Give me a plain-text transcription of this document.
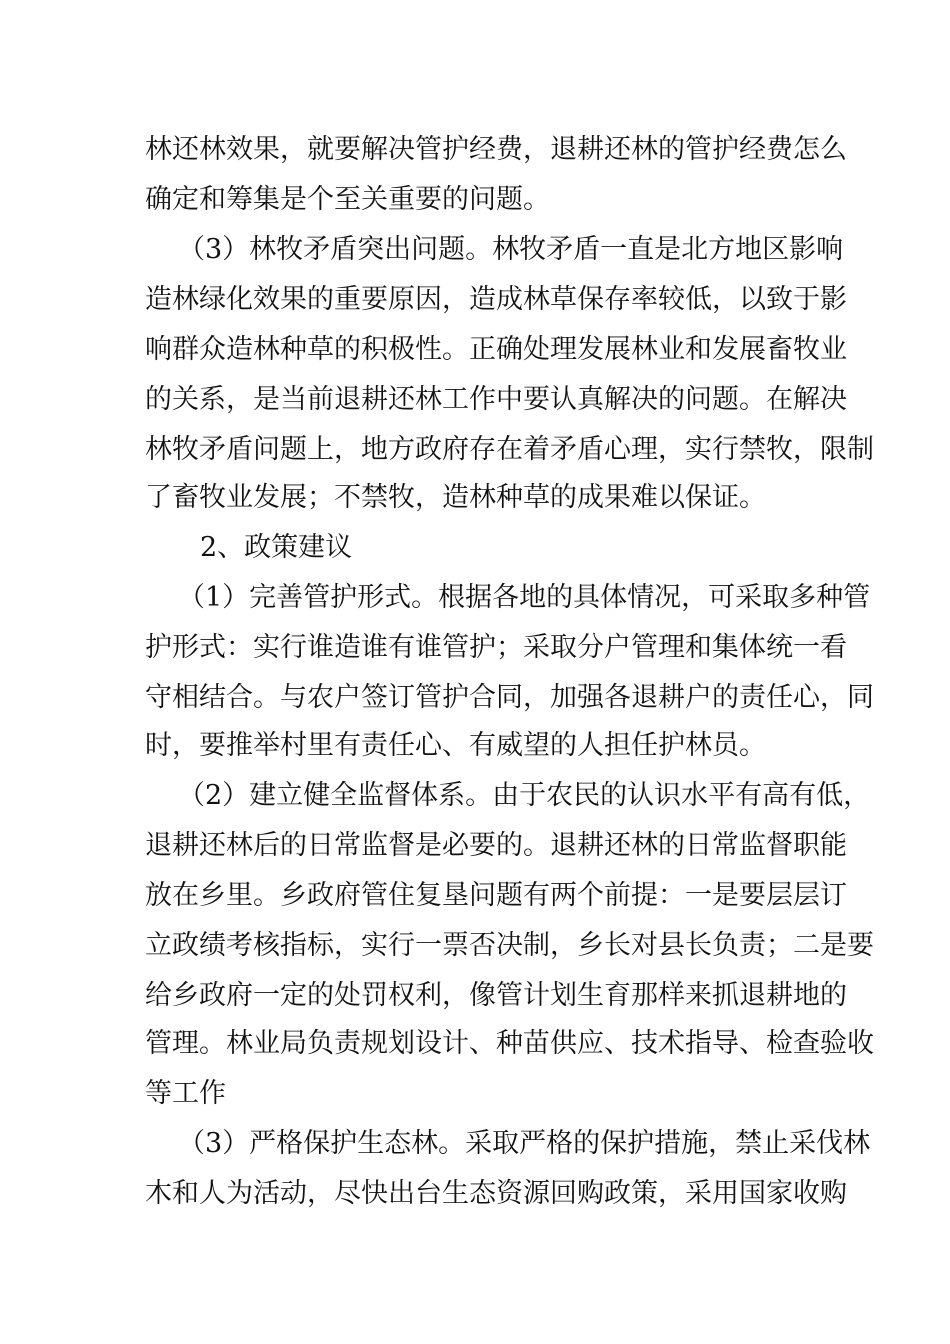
林还林效果，就要解决管护经费，退耕还林的管护经费怎么
确定和筹集是个至关重要的问题。
（3）林牧矛盾突出问题。林牧矛盾一直是北方地区影响
造林绿化效果的重要原因，造成林草保存率较低，以致于影
响群众造林种草的积极性。正确处理发展林业和发展畜牧业
的关系，是当前退耕还林工作中要认真解决的问题。在解决
林牧矛盾问题上，地方政府存在着矛盾心理，实行禁牧，限制
了畜牧业发展；不禁牧，造林种草的成果难以保证。
2、政策建议
（1）完善管护形式。根据各地的具体情况，可采取多种管
护形式：实行谁造谁有谁管护；采取分户管理和集体统一看
守相结合。与农户签订管护合同，加强各退耕户的责任心，同
时，要推举村里有责任心、有威望的人担任护林员。
（2）建立健全监督体系。由于农民的认识水平有高有低，
退耕还林后的日常监督是必要的。退耕还林的日常监督职能
放在乡里。乡政府管住复垦问题有两个前提：一是要层层订
立政绩考核指标，实行一票否决制，乡长对县长负责；二是要
给乡政府一定的处罚权利，像管计划生育那样来抓退耕地的
管理。林业局负责规划设计、种苗供应、技术指导、检查验收
等工作
（3）严格保护生态林。采取严格的保护措施，禁止采伐林
木和人为活动，尽快出台生态资源回购政策，采用国家收购
